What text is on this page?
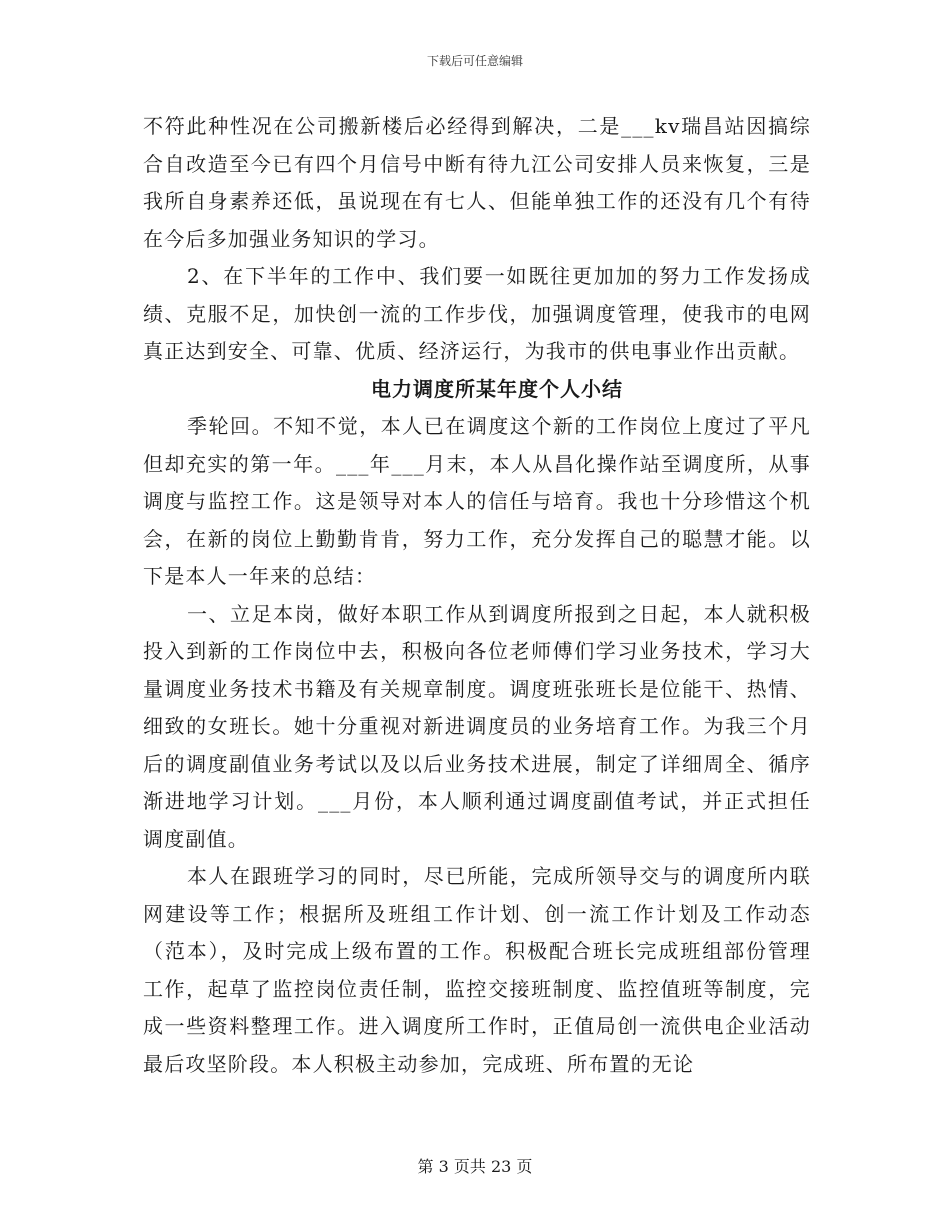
下载后可任意编辑

不符此种性况在公司搬新楼后必经得到解决，二是___kv瑞昌站因搞综合自改造至今已有四个月信号中断有待九江公司安排人员来恢复，三是我所自身素养还低，虽说现在有七人、但能单独工作的还没有几个有待在今后多加强业务知识的学习。

2、在下半年的工作中、我们要一如既往更加加的努力工作发扬成绩、克服不足，加快创一流的工作步伐，加强调度管理，使我市的电网真正达到安全、可靠、优质、经济运行，为我市的供电事业作出贡献。

电力调度所某年度个人小结

季轮回。不知不觉，本人已在调度这个新的工作岗位上度过了平凡但却充实的第一年。___年___月末，本人从昌化操作站至调度所，从事调度与监控工作。这是领导对本人的信任与培育。我也十分珍惜这个机会，在新的岗位上勤勤肯肯，努力工作，充分发挥自己的聪慧才能。以下是本人一年来的总结：

一、立足本岗，做好本职工作从到调度所报到之日起，本人就积极投入到新的工作岗位中去，积极向各位老师傅们学习业务技术，学习大量调度业务技术书籍及有关规章制度。调度班张班长是位能干、热情、细致的女班长。她十分重视对新进调度员的业务培育工作。为我三个月后的调度副值业务考试以及以后业务技术进展，制定了详细周全、循序渐进地学习计划。___月份，本人顺利通过调度副值考试，并正式担任调度副值。

本人在跟班学习的同时，尽已所能，完成所领导交与的调度所内联网建设等工作；根据所及班组工作计划、创一流工作计划及工作动态（范本），及时完成上级布置的工作。积极配合班长完成班组部份管理工作，起草了监控岗位责任制，监控交接班制度、监控值班等制度，完成一些资料整理工作。进入调度所工作时，正值局创一流供电企业活动最后攻坚阶段。本人积极主动参加，完成班、所布置的无论

第 3 页共 23 页
